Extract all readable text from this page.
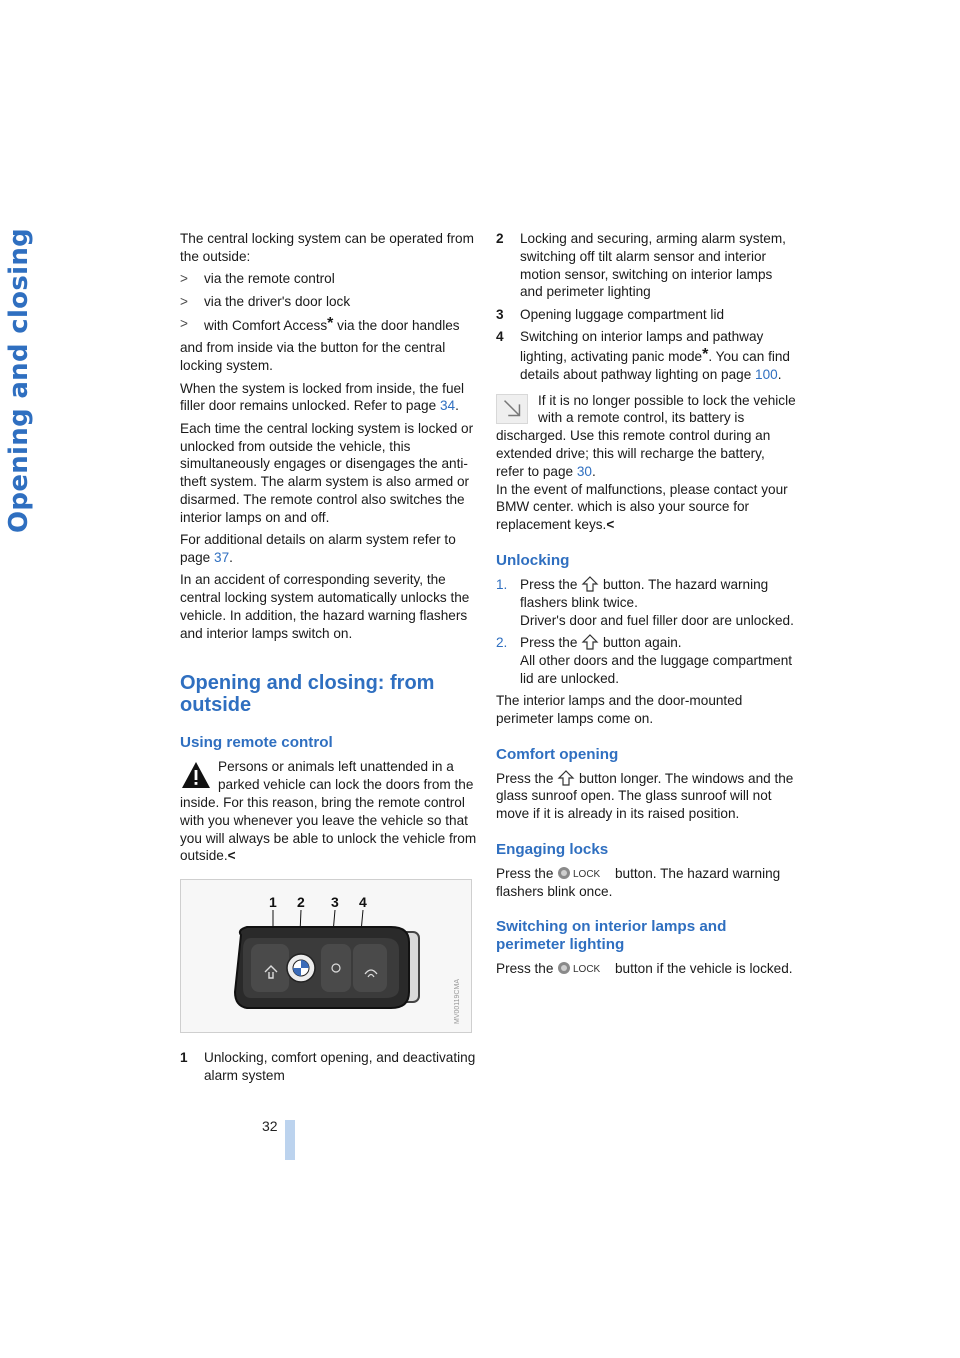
Opening and closing
32

The central locking system can be operated from the outside:

>	via the remote control
>	via the driver's door lock
>	with Comfort Access* via the door handles

and from inside via the button for the central locking system.

When the system is locked from inside, the fuel filler door remains unlocked. Refer to page 34.

Each time the central locking system is locked or unlocked from outside the vehicle, this simultaneously engages or disengages the anti-theft system. The alarm system is also armed or disarmed. The remote control also switches the interior lamps on and off.

For additional details on alarm system refer to page 37.

In an accident of corresponding severity, the central locking system automatically unlocks the vehicle. In addition, the hazard warning flashers and interior lamps switch on.

Opening and closing: from outside
Using remote control
Persons or animals left unattended in a parked vehicle can lock the doors from the inside. For this reason, bring the remote control with you whenever you leave the vehicle so that you will always be able to unlock the vehicle from outside.<
1 2 3 4
MV00119CMA
1	Unlocking, comfort opening, and deactivating alarm system
2	Locking and securing, arming alarm system, switching off tilt alarm sensor and interior motion sensor, switching on interior lamps and perimeter lighting
3	Opening luggage compartment lid
4	Switching on interior lamps and pathway lighting, activating panic mode*. You can find details about pathway lighting on page 100.
If it is no longer possible to lock the vehicle with a remote control, its battery is discharged. Use this remote control during an extended drive; this will recharge the battery, refer to page 30.
In the event of malfunctions, please contact your BMW center. which is also your source for replacement keys.<
Unlocking
1. Press the  button. The hazard warning flashers blink twice.
Driver's door and fuel filler door are unlocked.
2. Press the  button again.
All other doors and the luggage compartment lid are unlocked.

The interior lamps and the door-mounted perimeter lamps come on.

Comfort opening

Press the  button longer. The windows and the glass sunroof open. The glass sunroof will not move if it is already in its raised position.

Engaging locks

Press the LOCK button. The hazard warning flashers blink once.

Switching on interior lamps and perimeter lighting

Press the LOCK button if the vehicle is locked.
